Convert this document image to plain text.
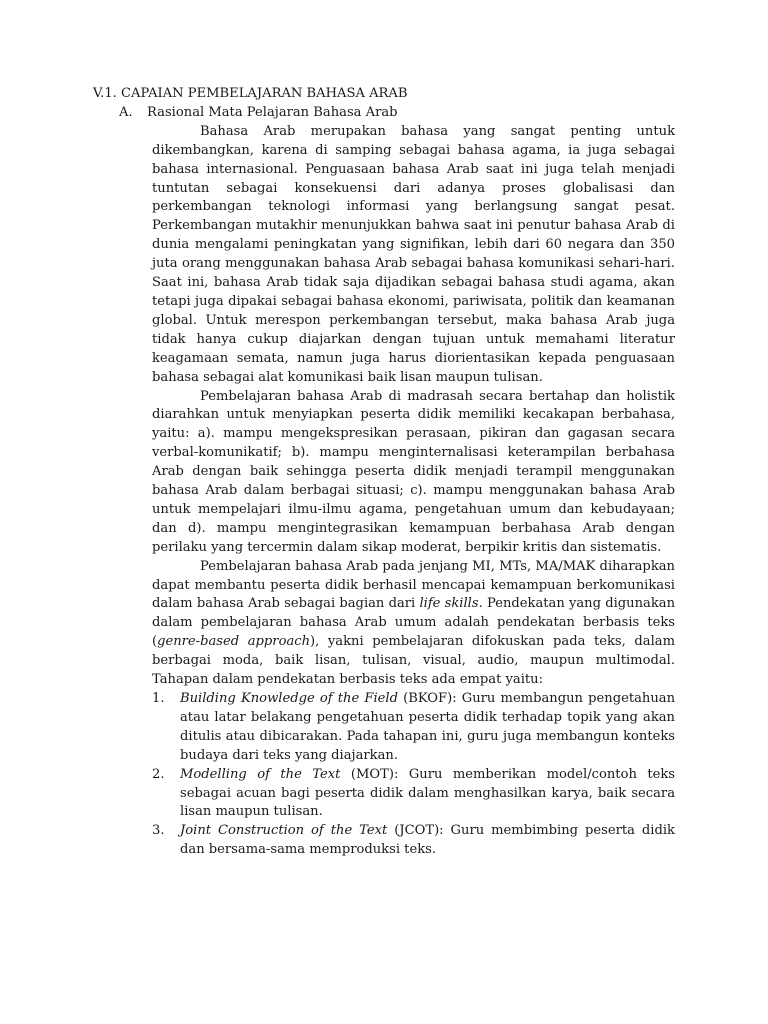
V.1. CAPAIAN PEMBELAJARAN BAHASA ARAB
A. Rasional Mata Pelajaran Bahasa Arab

Bahasa Arab merupakan bahasa yang sangat penting untuk dikembangkan, karena di samping sebagai bahasa agama, ia juga sebagai bahasa internasional. Penguasaan bahasa Arab saat ini juga telah menjadi tuntutan sebagai konsekuensi dari adanya proses globalisasi dan perkembangan teknologi informasi yang berlangsung sangat pesat. Perkembangan mutakhir menunjukkan bahwa saat ini penutur bahasa Arab di dunia mengalami peningkatan yang signifikan, lebih dari 60 negara dan 350 juta orang menggunakan bahasa Arab sebagai bahasa komunikasi sehari-hari. Saat ini, bahasa Arab tidak saja dijadikan sebagai bahasa studi agama, akan tetapi juga dipakai sebagai bahasa ekonomi, pariwisata, politik dan keamanan global. Untuk merespon perkembangan tersebut, maka bahasa Arab juga tidak hanya cukup diajarkan dengan tujuan untuk memahami literatur keagamaan semata, namun juga harus diorientasikan kepada penguasaan bahasa sebagai alat komunikasi baik lisan maupun tulisan.

Pembelajaran bahasa Arab di madrasah secara bertahap dan holistik diarahkan untuk menyiapkan peserta didik memiliki kecakapan berbahasa, yaitu: a). mampu mengekspresikan perasaan, pikiran dan gagasan secara verbal-komunikatif; b). mampu menginternalisasi keterampilan berbahasa Arab dengan baik sehingga peserta didik menjadi terampil menggunakan bahasa Arab dalam berbagai situasi; c). mampu menggunakan bahasa Arab untuk mempelajari ilmu-ilmu agama, pengetahuan umum dan kebudayaan; dan d). mampu mengintegrasikan kemampuan berbahasa Arab dengan perilaku yang tercermin dalam sikap moderat, berpikir kritis dan sistematis.

Pembelajaran bahasa Arab pada jenjang MI, MTs, MA/MAK diharapkan dapat membantu peserta didik berhasil mencapai kemampuan berkomunikasi dalam bahasa Arab sebagai bagian dari life skills. Pendekatan yang digunakan dalam pembelajaran bahasa Arab umum adalah pendekatan berbasis teks (genre-based approach), yakni pembelajaran difokuskan pada teks, dalam berbagai moda, baik lisan, tulisan, visual, audio, maupun multimodal. Tahapan dalam pendekatan berbasis teks ada empat yaitu:

1. Building Knowledge of the Field (BKOF): Guru membangun pengetahuan atau latar belakang pengetahuan peserta didik terhadap topik yang akan ditulis atau dibicarakan. Pada tahapan ini, guru juga membangun konteks budaya dari teks yang diajarkan.
2. Modelling of the Text (MOT): Guru memberikan model/contoh teks sebagai acuan bagi peserta didik dalam menghasilkan karya, baik secara lisan maupun tulisan.
3. Joint Construction of the Text (JCOT): Guru membimbing peserta didik dan bersama-sama memproduksi teks.
